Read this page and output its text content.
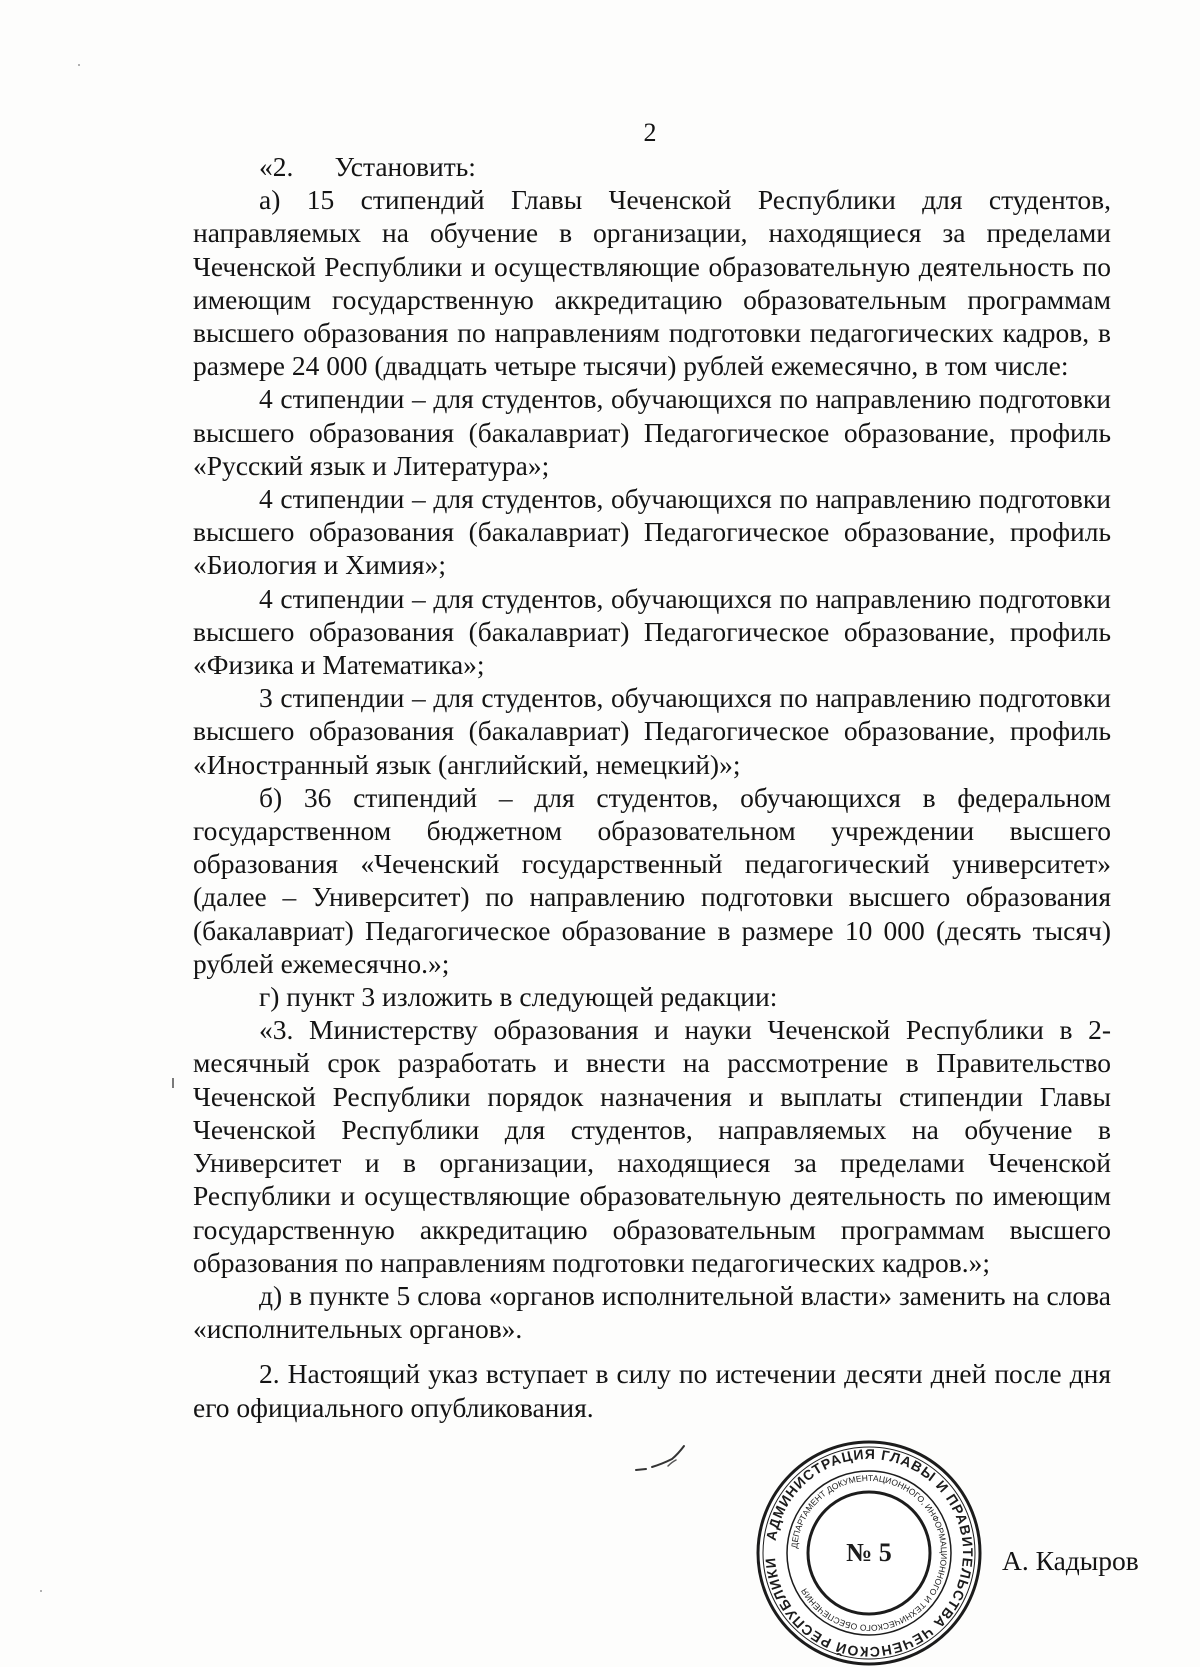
2

«2.  Установить:

а) 15 стипендий Главы Чеченской Республики для студентов, направляемых на обучение в организации, находящиеся за пределами Чеченской Республики и осуществляющие образовательную деятельность по имеющим государственную аккредитацию образовательным программам высшего образования по направлениям подготовки педагогических кадров, в размере 24 000 (двадцать четыре тысячи) рублей ежемесячно, в том числе:

4 стипендии – для студентов, обучающихся по направлению подготовки высшего образования (бакалавриат) Педагогическое образование, профиль «Русский язык и Литература»;

4 стипендии – для студентов, обучающихся по направлению подготовки высшего образования (бакалавриат) Педагогическое образование, профиль «Биология и Химия»;

4 стипендии – для студентов, обучающихся по направлению подготовки высшего образования (бакалавриат) Педагогическое образование, профиль «Физика и Математика»;

3 стипендии – для студентов, обучающихся по направлению подготовки высшего образования (бакалавриат) Педагогическое образование, профиль «Иностранный язык (английский, немецкий)»;

б) 36 стипендий – для студентов, обучающихся в федеральном государственном бюджетном образовательном учреждении высшего образования «Чеченский государственный педагогический университет» (далее – Университет) по направлению подготовки высшего образования (бакалавриат) Педагогическое образование в размере 10 000 (десять тысяч) рублей ежемесячно.»;

г) пункт 3 изложить в следующей редакции:

«3. Министерству образования и науки Чеченской Республики в 2-месячный срок разработать и внести на рассмотрение в Правительство Чеченской Республики порядок назначения и выплаты стипендии Главы Чеченской Республики для студентов, направляемых на обучение в Университет и в организации, находящиеся за пределами Чеченской Республики и осуществляющие образовательную деятельность по имеющим государственную аккредитацию образовательным программам высшего образования по направлениям подготовки педагогических кадров.»;

д) в пункте 5 слова «органов исполнительной власти» заменить на слова «исполнительных органов».

2. Настоящий указ вступает в силу по истечении десяти дней после дня его официального опубликования.

А. Кадыров
АДМИНИСТРАЦИЯ ГЛАВЫ И ПРАВИТЕЛЬСТВА ЧЕЧЕНСКОЙ РЕСПУБЛИКИ
ДЕПАРТАМЕНТ ДОКУМЕНТАЦИОННОГО, ИНФОРМАЦИОННОГО И ТЕХНИЧЕСКОГО ОБЕСПЕЧЕНИЯ
№ 5
